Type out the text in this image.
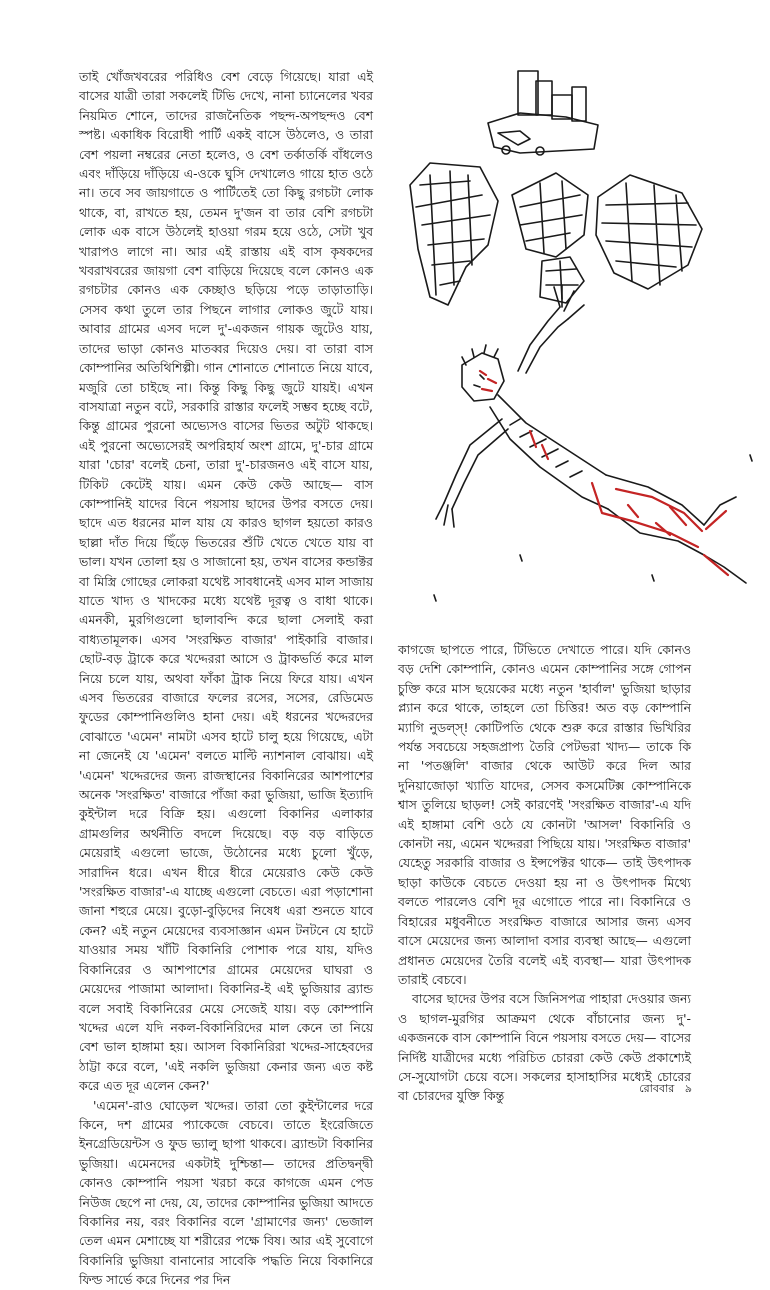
তাই খোঁজখবরের পরিধিও বেশ বেড়ে গিয়েছে। যারা এই বাসের যাত্রী তারা সকলেই টিভি দেখে, নানা চ্যানেলের খবর নিয়মিত শোনে, তাদের রাজনৈতিক পছন্দ-অপছন্দও বেশ স্পষ্ট। একাধিক বিরোধী পার্টি একই বাসে উঠলেও, ও তারা বেশ পয়লা নম্বরের নেতা হলেও, ও বেশ তর্কাতর্কি বাঁধলেও এবং দাঁড়িয়ে দাঁড়িয়ে এ-ওকে ঘুসি দেখালেও গায়ে হাত ওঠে না। তবে সব জায়গাতে ও পার্টিতেই তো কিছু রগচটা লোক থাকে, বা, রাখতে হয়, তেমন দু'জন বা তার বেশি রগচটা লোক এক বাসে উঠলেই হাওয়া গরম হয়ে ওঠে, সেটা খুব খারাপও লাগে না। আর এই রাস্তায় এই বাস কৃষকদের খবরাখবরের জায়গা বেশ বাড়িয়ে দিয়েছে বলে কোনও এক রগচটার কোনও এক কেচ্ছাও ছড়িয়ে পড়ে তাড়াতাড়ি। সেসব কথা তুলে তার পিছনে লাগার লোকও জুটে যায়। আবার গ্রামের এসব দলে দু'-একজন গায়ক জুটেও যায়, তাদের ভাড়া কোনও মাতব্বর দিয়েও দেয়। বা তারা বাস কোম্পানির অতিথিশিল্পী। গান শোনাতে শোনাতে নিয়ে যাবে, মজুরি তো চাইছে না। কিন্তু কিছু কিছু জুটে যায়ই। এখন বাসযাত্রা নতুন বটে, সরকারি রাস্তার ফলেই সম্ভব হচ্ছে বটে, কিন্তু গ্রামের পুরনো অভ্যেসও বাসের ভিতর অটুট থাকছে। এই পুরনো অভ্যেসেরই অপরিহার্য অংশ গ্রামে, দু'-চার গ্রামে যারা 'চোর' বলেই চেনা, তারা দু'-চারজনও এই বাসে যায়, টিকিট কেটেই যায়। এমন কেউ কেউ আছে— বাস কোম্পানিই যাদের বিনে পয়সায় ছাদের উপর বসতে দেয়। ছাদে এত ধরনের মাল যায় যে কারও ছাগল হয়তো কারও ছাল্লা দাঁত দিয়ে ছিঁড়ে ভিতরের শুঁটি খেতে খেতে যায় বা ভাল। যখন তোলা হয় ও সাজানো হয়, তখন বাসের কন্ডাক্টর বা মিস্ত্রি গোছের লোকরা যথেষ্ট সাবধানেই এসব মাল সাজায় যাতে খাদ্য ও খাদকের মধ্যে যথেষ্ট দূরত্ব ও বাধা থাকে। এমনকী, মুরগিগুলো ছালাবন্দি করে ছালা সেলাই করা বাধ্যতামূলক। এসব 'সংরক্ষিত বাজার' পাইকারি বাজার। ছোট-বড় ট্রাকে করে খদ্দেররা আসে ও ট্রাকভর্তি করে মাল নিয়ে চলে যায়, অথবা ফাঁকা ট্রাক নিয়ে ফিরে যায়। এখন এসব ভিতরের বাজারে ফলের রসের, সসের, রেডিমেড ফুডের কোম্পানিগুলিও হানা দেয়। এই ধরনের খদ্দেরদের বোঝাতে 'এমেন' নামটা এসব হাটে চালু হয়ে গিয়েছে, এটা না জেনেই যে 'এমেন' বলতে মাল্টি ন্যাশনাল বোঝায়। এই 'এমেন' খদ্দেরদের জন্য রাজস্থানের বিকানিরের আশপাশের অনেক 'সংরক্ষিত' বাজারে পাঁজা করা ভুজিয়া, ভাজি ইত্যাদি কুইন্টাল দরে বিক্রি হয়। এগুলো বিকানির এলাকার গ্রামগুলির অর্থনীতি বদলে দিয়েছে। বড় বড় বাড়িতে মেয়েরাই এগুলো ভাজে, উঠোনের মধ্যে চুলো খুঁড়ে, সারাদিন ধরে। এখন ধীরে ধীরে মেয়েরাও কেউ কেউ 'সংরক্ষিত বাজার'-এ যাচ্ছে এগুলো বেচতে। এরা পড়াশোনা জানা শহুরে মেয়ে। বুড়ো-বুড়িদের নিষেধ এরা শুনতে যাবে কেন? এই নতুন মেয়েদের ব্যবসাজ্ঞান এমন টনটনে যে হাটে যাওয়ার সময় খাঁটি বিকানিরি পোশাক পরে যায়, যদিও বিকানিরের ও আশপাশের গ্রামের মেয়েদের ঘাঘরা ও মেয়েদের পাজামা আলাদা। বিকানির-ই এই ভুজিয়ার ব্র্যান্ড বলে সবাই বিকানিরের মেয়ে সেজেই যায়। বড় কোম্পানি খদ্দের এলে যদি নকল-বিকানিরিদের মাল কেনে তা নিয়ে বেশ ভাল হাঙ্গামা হয়। আসল বিকানিরিরা খদ্দের-সাহেবদের ঠাট্টা করে বলে, 'এই নকলি ভুজিয়া কেনার জন্য এত কষ্ট করে এত দূর এলেন কেন?'

'এমেন'-রাও ঘোড়েল খদ্দের। তারা তো কুইন্টালের দরে কিনে, দশ গ্রামের প্যাকেজে বেচবে। তাতে ইংরেজিতে ইনগ্রেডিয়েন্টস ও ফুড ভ্যালু ছাপা থাকবে। ব্র্যান্ডটা বিকানির ভুজিয়া। এমেনদের একটাই দুশ্চিন্তা— তাদের প্রতিদ্বন্দ্বী কোনও কোম্পানি পয়সা খরচা করে কাগজে এমন পেড নিউজ ছেপে না দেয়, যে, তাদের কোম্পানির ভুজিয়া আদতে বিকানির নয়, বরং বিকানির বলে 'গ্রামাণের জন্য' ভেজাল তেল এমন মেশাচ্ছে যা শরীরের পক্ষে বিষ। আর এই সুবোগে বিকানিরি ভুজিয়া বানানোর সাবেকি পদ্ধতি নিয়ে বিকানিরে ফিল্ড সার্ভে করে দিনের পর দিন

কাগজে ছাপতে পারে, টিভিতে দেখাতে পারে। যদি কোনও বড় দেশি কোম্পানি, কোনও এমেন কোম্পানির সঙ্গে গোপন চুক্তি করে মাস ছয়েকের মধ্যে নতুন 'হার্বাল' ভুজিয়া ছাড়ার প্ল্যান করে থাকে, তাহলে তো চিত্তির! অত বড় কোম্পানি ম্যাগি নুডল্‌স্! কোটিপতি থেকে শুরু করে রাস্তার ভিখিরির পর্যন্ত সবচেয়ে সহজপ্রাপ্য তৈরি পেটভরা খাদ্য— তাকে কি না 'পতঞ্জলি' বাজার থেকে আউট করে দিল আর দুনিয়াজোড়া খ্যাতি যাদের, সেসব কসমেটিক্স কোম্পানিকে শ্বাস তুলিয়ে ছাড়ল! সেই কারণেই 'সংরক্ষিত বাজার'-এ যদি এই হাঙ্গামা বেশি ওঠে যে কোনটা 'আসল' বিকানিরি ও কোনটা নয়, এমেন খদ্দেররা পিছিয়ে যায়। 'সংরক্ষিত বাজার' যেহেতু সরকারি বাজার ও ইন্সপেক্টর থাকে— তাই উৎপাদক ছাড়া কাউকে বেচতে দেওয়া হয় না ও উৎপাদক মিথ্যে বলতে পারলেও বেশি দূর এগোতে পারে না। বিকানিরে ও বিহারের মধুবনীতে সংরক্ষিত বাজারে আসার জন্য এসব বাসে মেয়েদের জন্য আলাদা বসার ব্যবস্থা আছে— এগুলো প্রধানত মেয়েদের তৈরি বলেই এই ব্যবস্থা— যারা উৎপাদক তারাই বেচবে।

বাসের ছাদের উপর বসে জিনিসপত্র পাহারা দেওয়ার জন্য ও ছাগল-মুরগির আক্রমণ থেকে বাঁচানোর জন্য দু'-একজনকে বাস কোম্পানি বিনে পয়সায় বসতে দেয়— বাসের নির্দিষ্ট যাত্রীদের মধ্যে পরিচিত চোররা কেউ কেউ প্রকাশ্যেই সে-সুযোগটা চেয়ে বসে। সকলের হাসাহাসির মধ্যেই চোরের বা চোরদের যুক্তি কিন্তু	রোববার ৯
